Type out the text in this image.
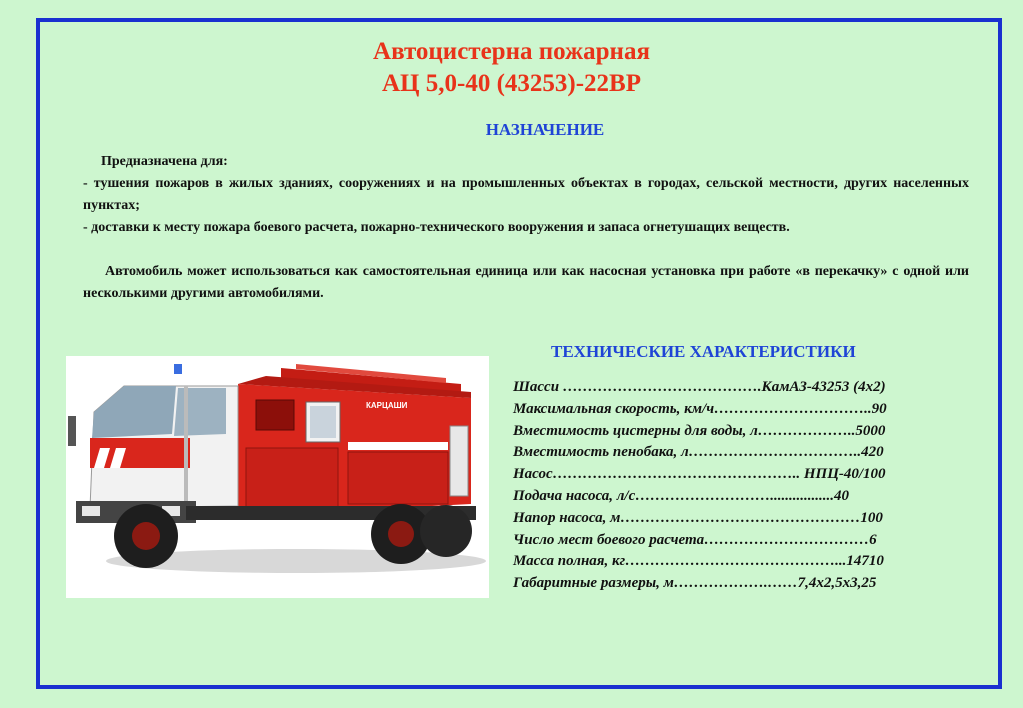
Автоцистерна пожарная
АЦ 5,0-40 (43253)-22ВР
НАЗНАЧЕНИЕ
Предназначена для:
- тушения пожаров в жилых зданиях, сооружениях и на промышленных объектах в городах, сельской местности, других населенных пунктах;
- доставки к месту пожара боевого расчета, пожарно-технического вооружения и запаса огнетушащих веществ.
Автомобиль может использоваться как самостоятельная единица или как насосная установка при работе «в перекачку» с одной или несколькими другими автомобилями.
КАРЦАШИ
ТЕХНИЧЕСКИЕ ХАРАКТЕРИСТИКИ
Шасси ………………………………….КамАЗ-43253 (4х2)
Максимальная скорость, км/ч…………………………..90
Вместимость цистерны для воды, л………………..5000
Вместимость пенобака, л……………………………..420
Насос………………………………………….. НПЦ-40/100
Подача насоса, л/с……………………….................40
Напор насоса, м…………………………………………100
Число мест боевого расчета……………………………6
Масса полная, кг……………………………………...14710
Габаритные размеры, м……………….……7,4х2,5х3,25
